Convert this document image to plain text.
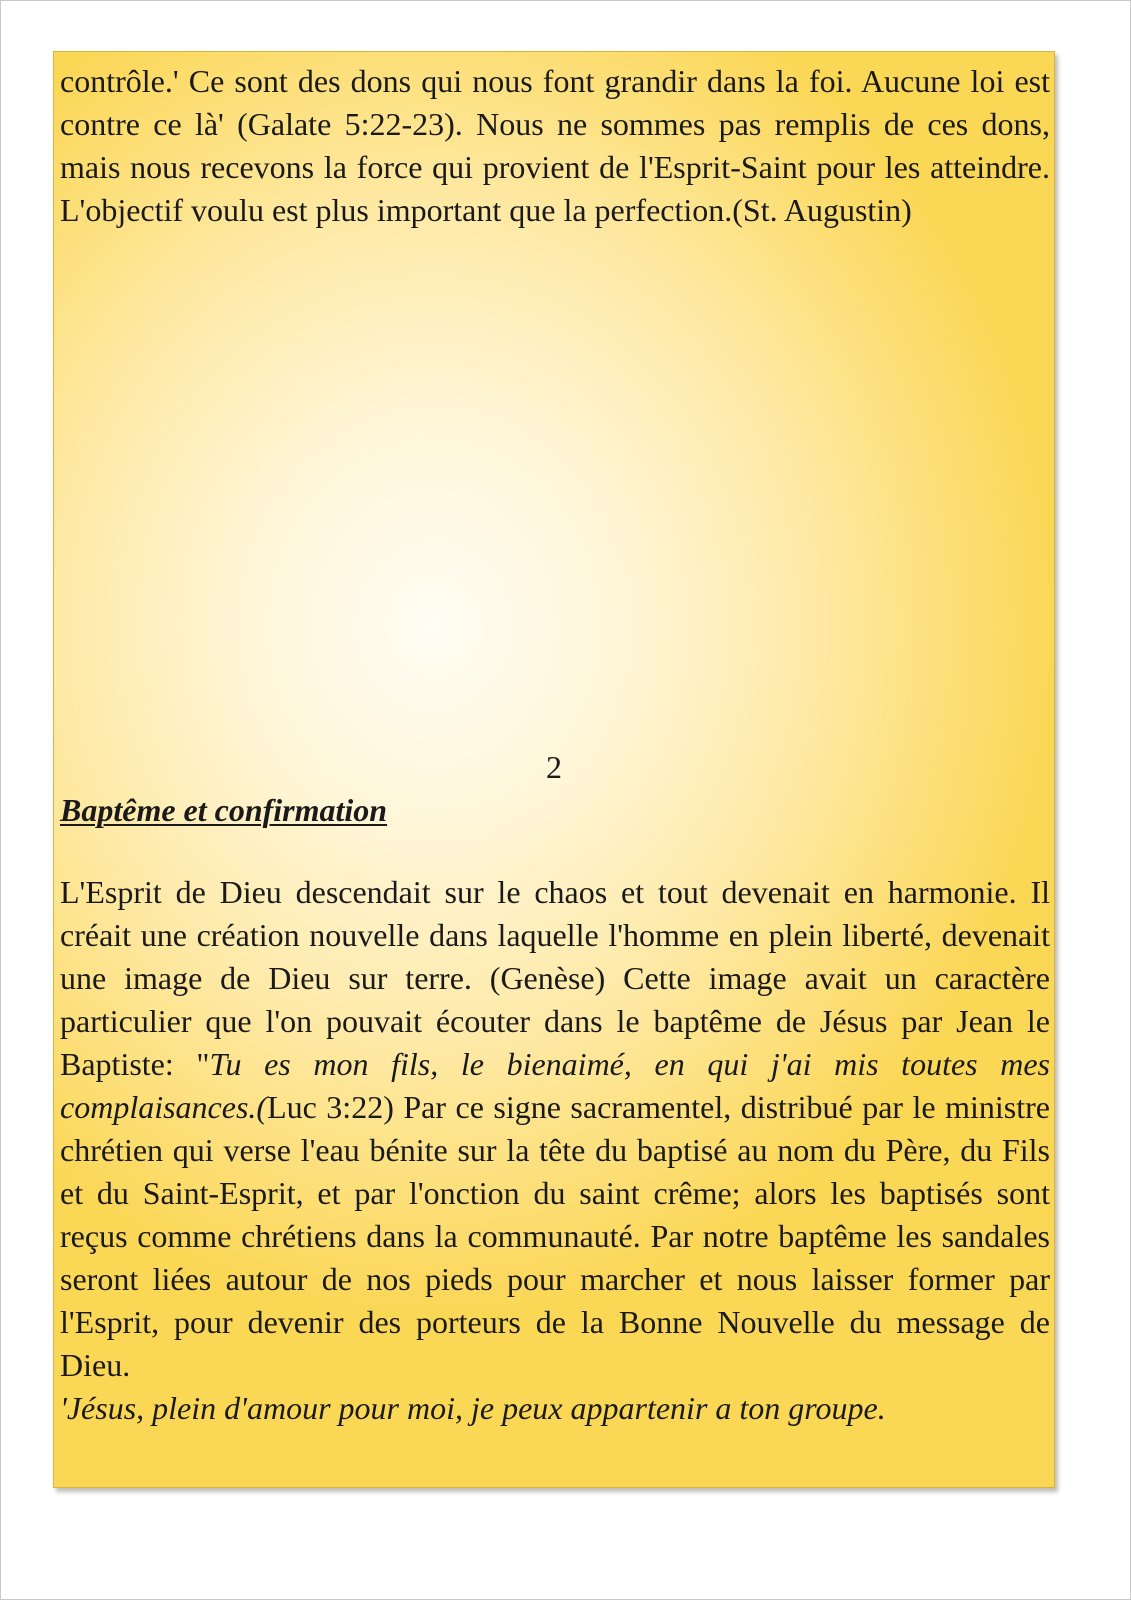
contrôle.' Ce sont des dons qui nous font grandir dans la foi. Aucune loi est contre ce là' (Galate 5:22-23). Nous ne sommes pas remplis de ces dons, mais nous recevons la force qui provient de l'Esprit-Saint pour les atteindre. L'objectif voulu est plus important que la perfection.(St. Augustin)

2
Baptême et confirmation

L'Esprit de Dieu descendait sur le chaos et tout devenait en harmonie. Il créait une création nouvelle dans laquelle l'homme en plein liberté, devenait une image de Dieu sur terre. (Genèse) Cette image avait un caractère particulier que l'on pouvait écouter dans le baptême de Jésus par Jean le Baptiste: "Tu es mon fils, le bienaimé, en qui j'ai mis toutes mes complaisances.(Luc 3:22) Par ce signe sacramentel, distribué par le ministre chrétien qui verse l'eau bénite sur la tête du baptisé au nom du Père, du Fils et du Saint-Esprit, et par l'onction du saint crême; alors les baptisés sont reçus comme chrétiens dans la communauté. Par notre baptême les sandales seront liées autour de nos pieds pour marcher et nous laisser former par l'Esprit, pour devenir des porteurs de la Bonne Nouvelle du message de Dieu.

'Jésus, plein d'amour pour moi, je peux appartenir a ton groupe.
